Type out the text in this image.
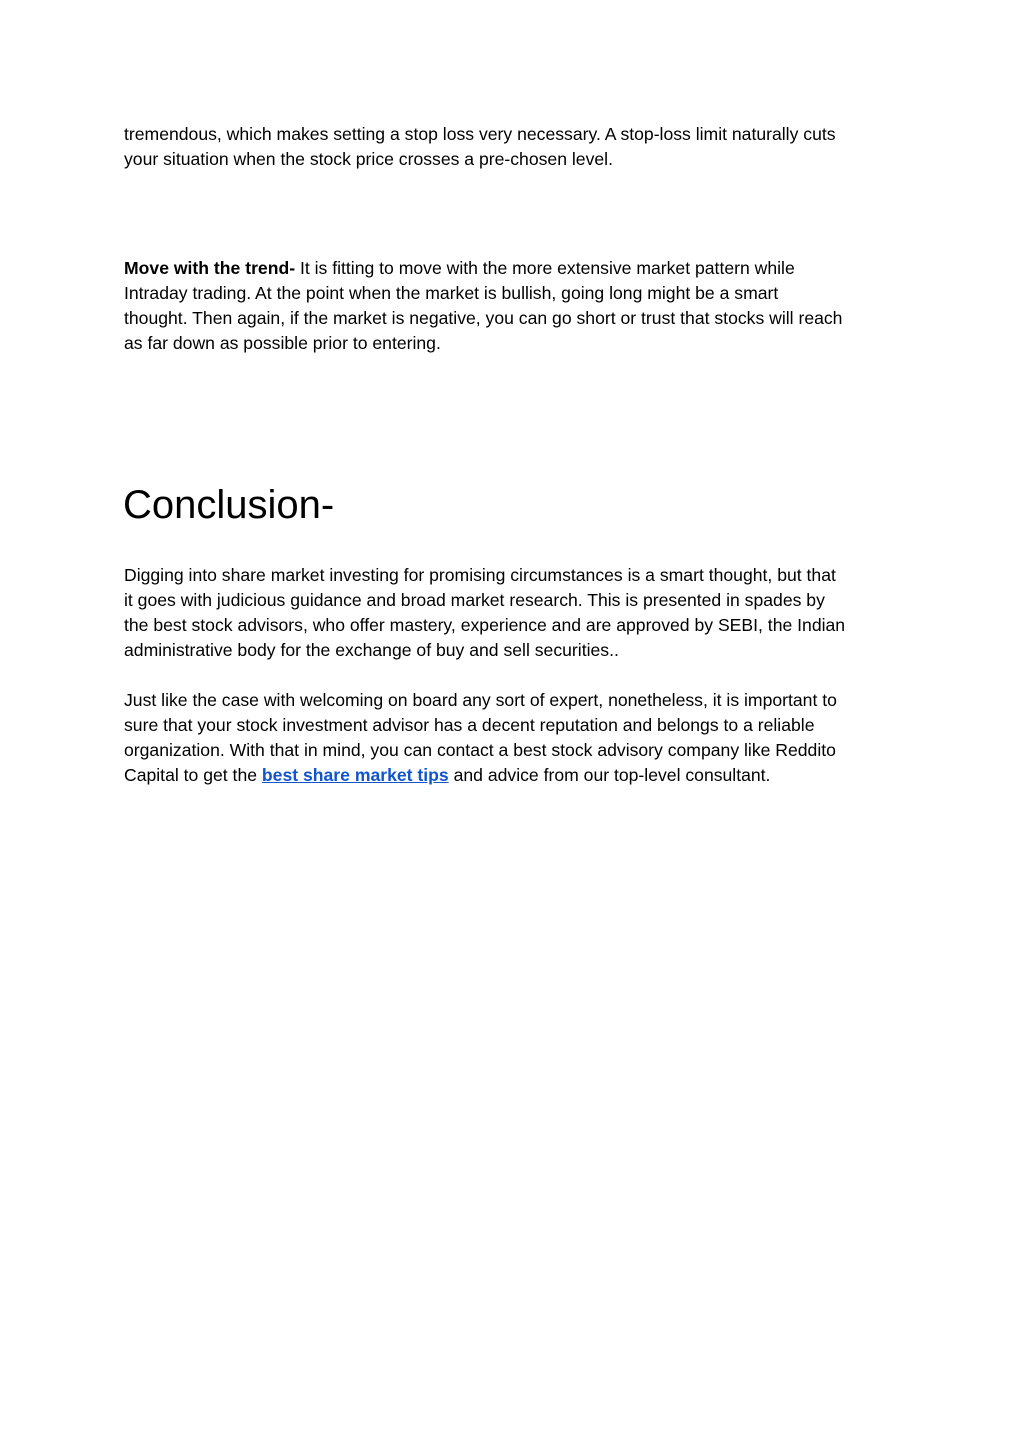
tremendous, which makes setting a stop loss very necessary. A stop-loss limit naturally cuts
your situation when the stock price crosses a pre-chosen level.

Move with the trend- It is fitting to move with the more extensive market pattern while
Intraday trading. At the point when the market is bullish, going long might be a smart
thought. Then again, if the market is negative, you can go short or trust that stocks will reach
as far down as possible prior to entering.

Conclusion-

Digging into share market investing for promising circumstances is a smart thought, but that
it goes with judicious guidance and broad market research. This is presented in spades by
the best stock advisors, who offer mastery, experience and are approved by SEBI, the Indian
administrative body for the exchange of buy and sell securities..

Just like the case with welcoming on board any sort of expert, nonetheless, it is important to
sure that your stock investment advisor has a decent reputation and belongs to a reliable
organization. With that in mind, you can contact a best stock advisory company like Reddito
Capital to get the best share market tips and advice from our top-level consultant.
